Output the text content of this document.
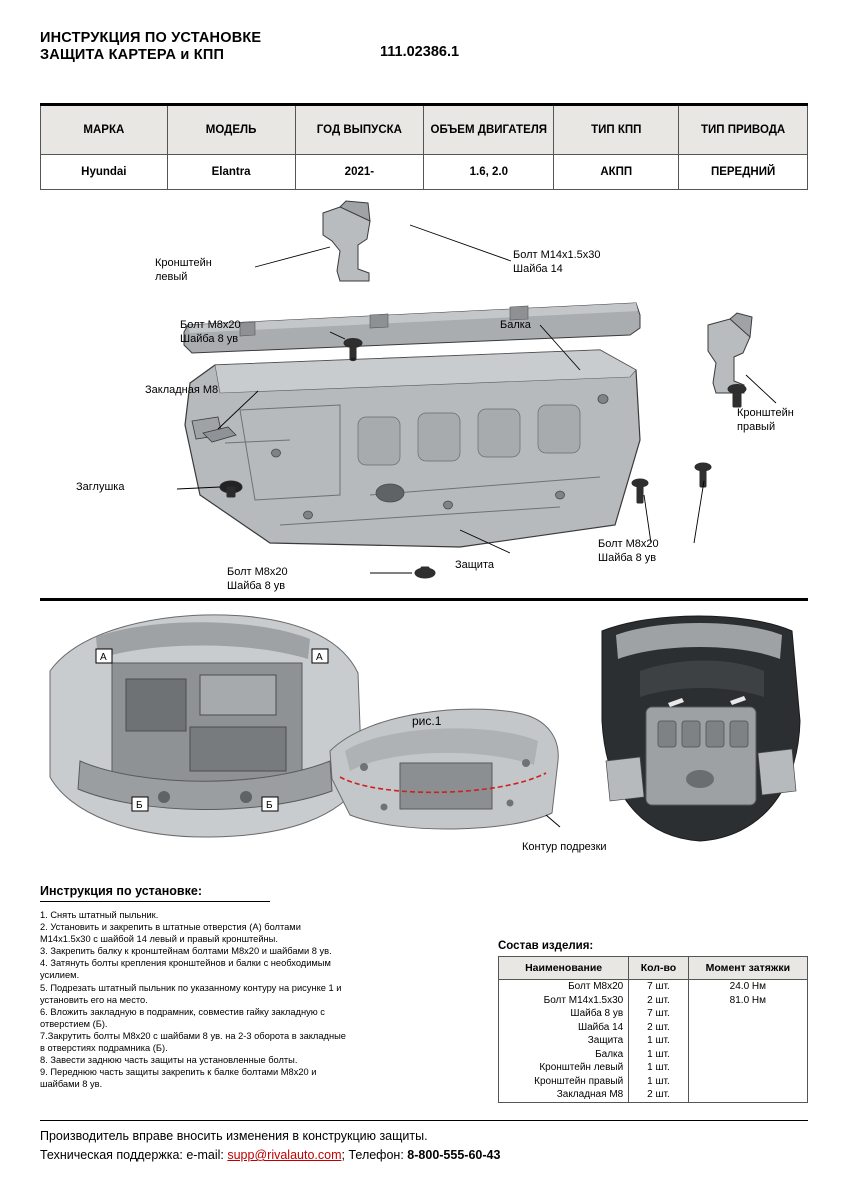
ИНСТРУКЦИЯ ПО УСТАНОВКЕ
ЗАЩИТА КАРТЕРА и КПП	111.02386.1
МАРКА	МОДЕЛЬ	ГОД ВЫПУСКА	ОБЪЕМ ДВИГАТЕЛЯ	ТИП КПП	ТИП ПРИВОДА

Hyundai	Elantra	2021-	1.6, 2.0	АКПП	ПЕРЕДНИЙ
Кронштейн
левый
Болт М14х1.5х30
Шайба 14
Болт М8х20
Шайба 8 ув
Балка
Закладная М8
Кронштейн
правый
Заглушка
Болт М8х20
Шайба 8 ув
Защита
Болт М8х20
Шайба 8 ув
А	А
Б	Б
рис.1
Контур подрезки
Инструкция по установке:
1. Снять штатный пыльник.
2. Установить и закрепить в штатные отверстия (А) болтами
М14х1.5х30 с шайбой 14 левый и правый кронштейны.
3. Закрепить балку к кронштейнам болтами М8х20 и шайбами 8 ув.
4. Затянуть болты крепления кронштейнов и балки с необходимым
усилием.
5. Подрезать штатный пыльник по указанному контуру на рисунке 1 и
установить его на место.
6. Вложить закладную в подрамник, совместив гайку закладную с
отверстием (Б).
7.Закрутить болты М8х20 с шайбами 8 ув. на 2-3 оборота в закладные
в отверстиях подрамника (Б).
8. Завести заднюю часть защиты на установленные болты.
9. Переднюю часть защиты закрепить к балке болтами М8х20 и
шайбами 8 ув.
Состав изделия:
Наименование	Кол-во	Момент затяжки
Болт М8х20	7 шт.	24.0 Нм
Болт М14х1.5х30	2 шт.	81.0 Нм
Шайба 8 ув	7 шт.	
Шайба 14	2 шт.	
Защита	1 шт.	
Балка	1 шт.	
Кронштейн левый	1 шт.	
Кронштейн правый	1 шт.	
Закладная М8	2 шт.	
Производитель вправе вносить изменения в конструкцию защиты.
Техническая поддержка: e-mail: supp@rivalauto.com; Телефон: 8-800-555-60-43
